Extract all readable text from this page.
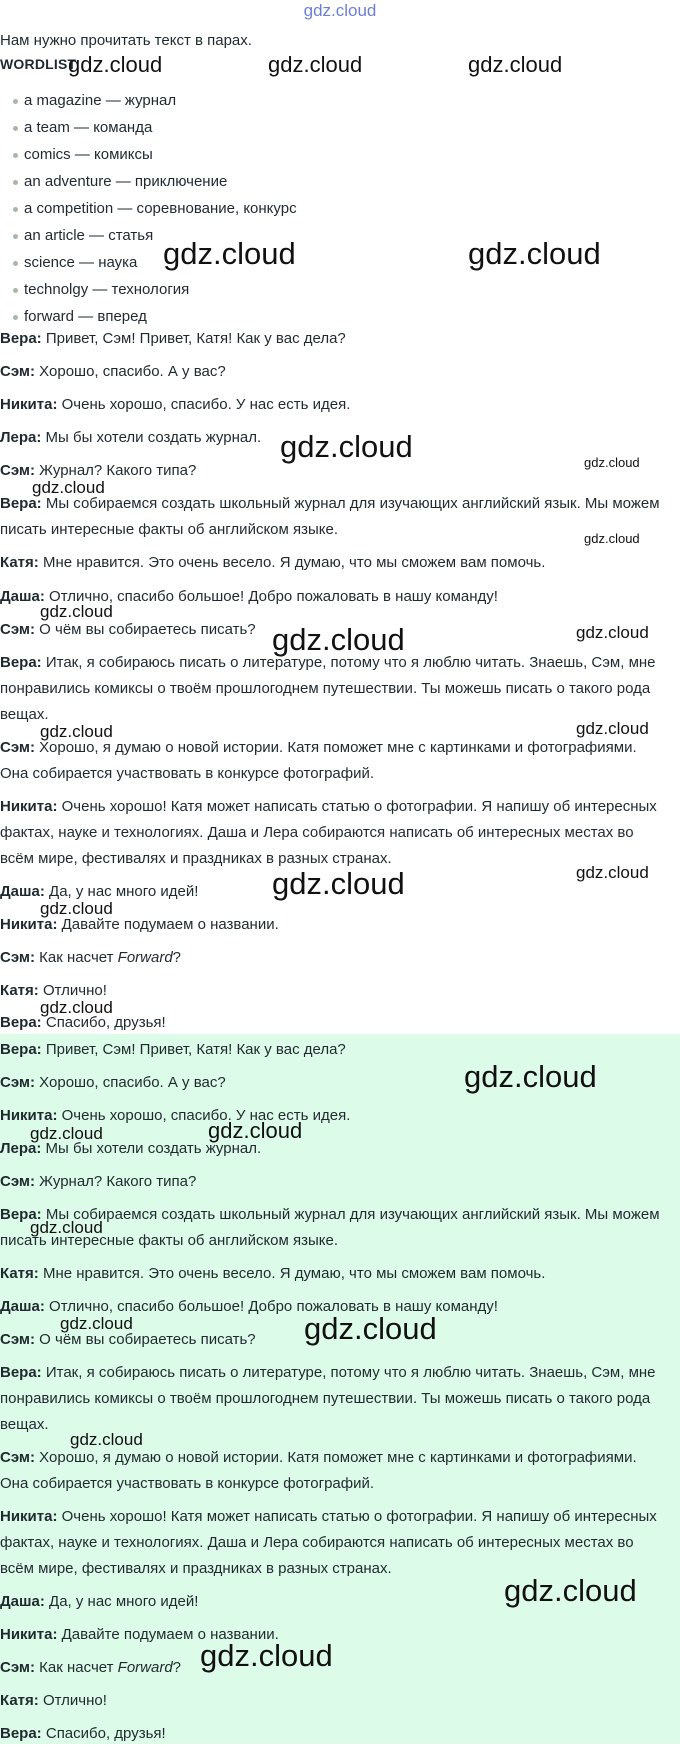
gdz.cloud
Нам нужно прочитать текст в парах.
WORDLIST
a magazine — журнал
a team — команда
comics — комиксы
an adventure — приключение
a competition — соревнование, конкурс
an article — статья
science — наука
technolgy — технология
forward — вперед
Вера: Привет, Сэм! Привет, Катя! Как у вас дела?
Сэм: Хорошо, спасибо. А у вас?
Никита: Очень хорошо, спасибо. У нас есть идея.
Лера: Мы бы хотели создать журнал.
Сэм: Журнал? Какого типа?
Вера: Мы собираемся создать школьный журнал для изучающих английский язык. Мы можем писать интересные факты об английском языке.
Катя: Мне нравится. Это очень весело. Я думаю, что мы сможем вам помочь.
Даша: Отлично, спасибо большое! Добро пожаловать в нашу команду!
Сэм: О чём вы собираетесь писать?
Вера: Итак, я собираюсь писать о литературе, потому что я люблю читать. Знаешь, Сэм, мне понравились комиксы о твоём прошлогоднем путешествии. Ты можешь писать о такого рода вещах.
Сэм: Хорошо, я думаю о новой истории. Катя поможет мне с картинками и фотографиями. Она собирается участвовать в конкурсе фотографий.
Никита: Очень хорошо! Катя может написать статью о фотографии. Я напишу об интересных фактах, науке и технологиях. Даша и Лера собираются написать об интересных местах во всём мире, фестивалях и праздниках в разных странах.
Даша: Да, у нас много идей!
Никита: Давайте подумаем о названии.
Сэм: Как насчет Forward?
Катя: Отлично!
Вера: Спасибо, друзья!
Вера: Привет, Сэм! Привет, Катя! Как у вас дела?
Сэм: Хорошо, спасибо. А у вас?
Никита: Очень хорошо, спасибо. У нас есть идея.
Лера: Мы бы хотели создать журнал.
Сэм: Журнал? Какого типа?
Вера: Мы собираемся создать школьный журнал для изучающих английский язык. Мы можем писать интересные факты об английском языке.
Катя: Мне нравится. Это очень весело. Я думаю, что мы сможем вам помочь.
Даша: Отлично, спасибо большое! Добро пожаловать в нашу команду!
Сэм: О чём вы собираетесь писать?
Вера: Итак, я собираюсь писать о литературе, потому что я люблю читать. Знаешь, Сэм, мне понравились комиксы о твоём прошлогоднем путешествии. Ты можешь писать о такого рода вещах.
Сэм: Хорошо, я думаю о новой истории. Катя поможет мне с картинками и фотографиями. Она собирается участвовать в конкурсе фотографий.
Никита: Очень хорошо! Катя может написать статью о фотографии. Я напишу об интересных фактах, науке и технологиях. Даша и Лера собираются написать об интересных местах во всём мире, фестивалях и праздниках в разных странах.
Даша: Да, у нас много идей!
Никита: Давайте подумаем о названии.
Сэм: Как насчет Forward?
Катя: Отлично!
Вера: Спасибо, друзья!
gdz.cloud	gdz.cloud	gdz.cloud
gdz.cloud	gdz.cloud
gdz.cloud	gdz.cloud
gdz.cloud
gdz.cloud
gdz.cloud
gdz.cloud
gdz.cloud
gdz.cloud	gdz.cloud
gdz.cloud
gdz.cloud
gdz.cloud
gdz.cloud
gdz.cloud
gdz.cloud	gdz.cloud
gdz.cloud
gdz.cloud	gdz.cloud
gdz.cloud
gdz.cloud
gdz.cloud
